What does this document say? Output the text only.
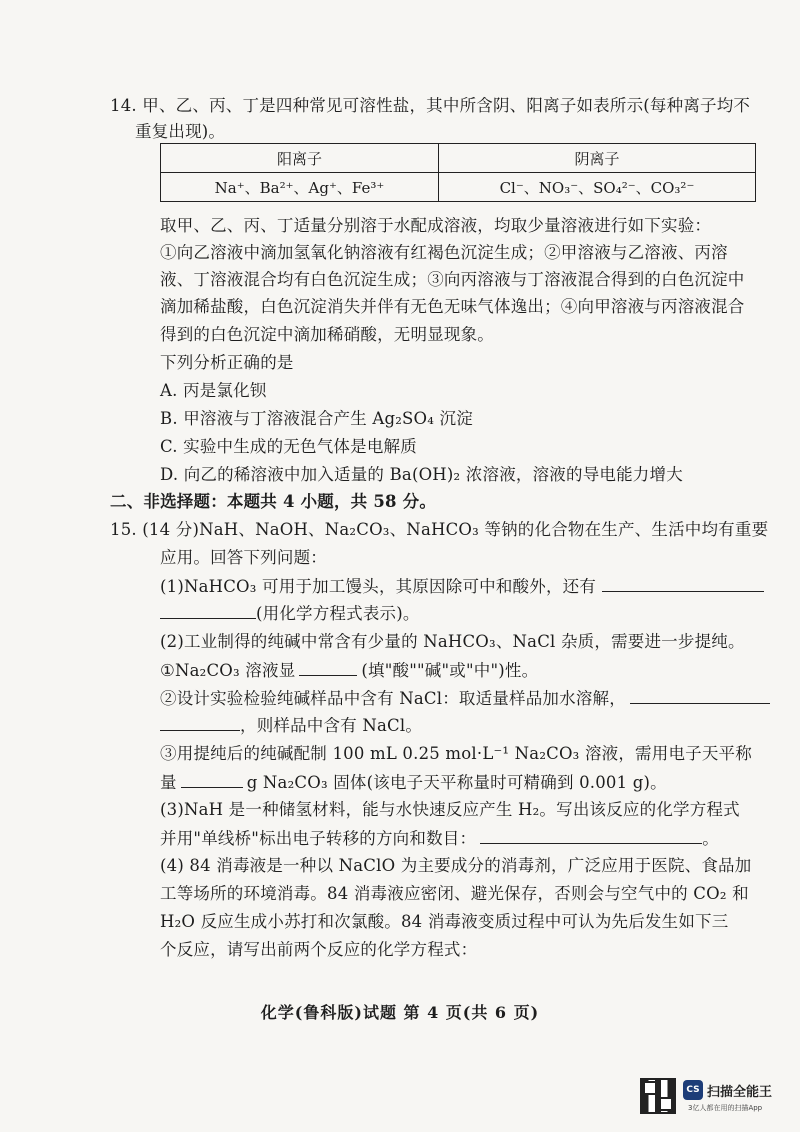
14. 甲、乙、丙、丁是四种常见可溶性盐，其中所含阴、阳离子如表所示(每种离子均不
重复出现)。
阳离子	阴离子
Na⁺、Ba²⁺、Ag⁺、Fe³⁺	Cl⁻、NO₃⁻、SO₄²⁻、CO₃²⁻
取甲、乙、丙、丁适量分别溶于水配成溶液，均取少量溶液进行如下实验：
①向乙溶液中滴加氢氧化钠溶液有红褐色沉淀生成；②甲溶液与乙溶液、丙溶
液、丁溶液混合均有白色沉淀生成；③向丙溶液与丁溶液混合得到的白色沉淀中
滴加稀盐酸，白色沉淀消失并伴有无色无味气体逸出；④向甲溶液与丙溶液混合
得到的白色沉淀中滴加稀硝酸，无明显现象。
下列分析正确的是
A. 丙是氯化钡
B. 甲溶液与丁溶液混合产生 Ag₂SO₄ 沉淀
C. 实验中生成的无色气体是电解质
D. 向乙的稀溶液中加入适量的 Ba(OH)₂ 浓溶液，溶液的导电能力增大
二、非选择题：本题共 4 小题，共 58 分。
15. (14 分)NaH、NaOH、Na₂CO₃、NaHCO₃ 等钠的化合物在生产、生活中均有重要
应用。回答下列问题：
(1)NaHCO₃ 可用于加工馒头，其原因除可中和酸外，还有
(用化学方程式表示)。
(2)工业制得的纯碱中常含有少量的 NaHCO₃、NaCl 杂质，需要进一步提纯。
①Na₂CO₃ 溶液显	(填"酸""碱"或"中")性。
②设计实验检验纯碱样品中含有 NaCl：取适量样品加水溶解，
，则样品中含有 NaCl。
③用提纯后的纯碱配制 100 mL 0.25 mol·L⁻¹ Na₂CO₃ 溶液，需用电子天平称
量	g Na₂CO₃ 固体(该电子天平称量时可精确到 0.001 g)。
(3)NaH 是一种储氢材料，能与水快速反应产生 H₂。写出该反应的化学方程式
并用"单线桥"标出电子转移的方向和数目：	。
(4) 84 消毒液是一种以 NaClO 为主要成分的消毒剂，广泛应用于医院、食品加
工等场所的环境消毒。84 消毒液应密闭、避光保存，否则会与空气中的 CO₂ 和
H₂O 反应生成小苏打和次氯酸。84 消毒液变质过程中可认为先后发生如下三
个反应，请写出前两个反应的化学方程式：
化学(鲁科版)试题 第 4 页(共 6 页)
CS 扫描全能王
3亿人都在用的扫描App
